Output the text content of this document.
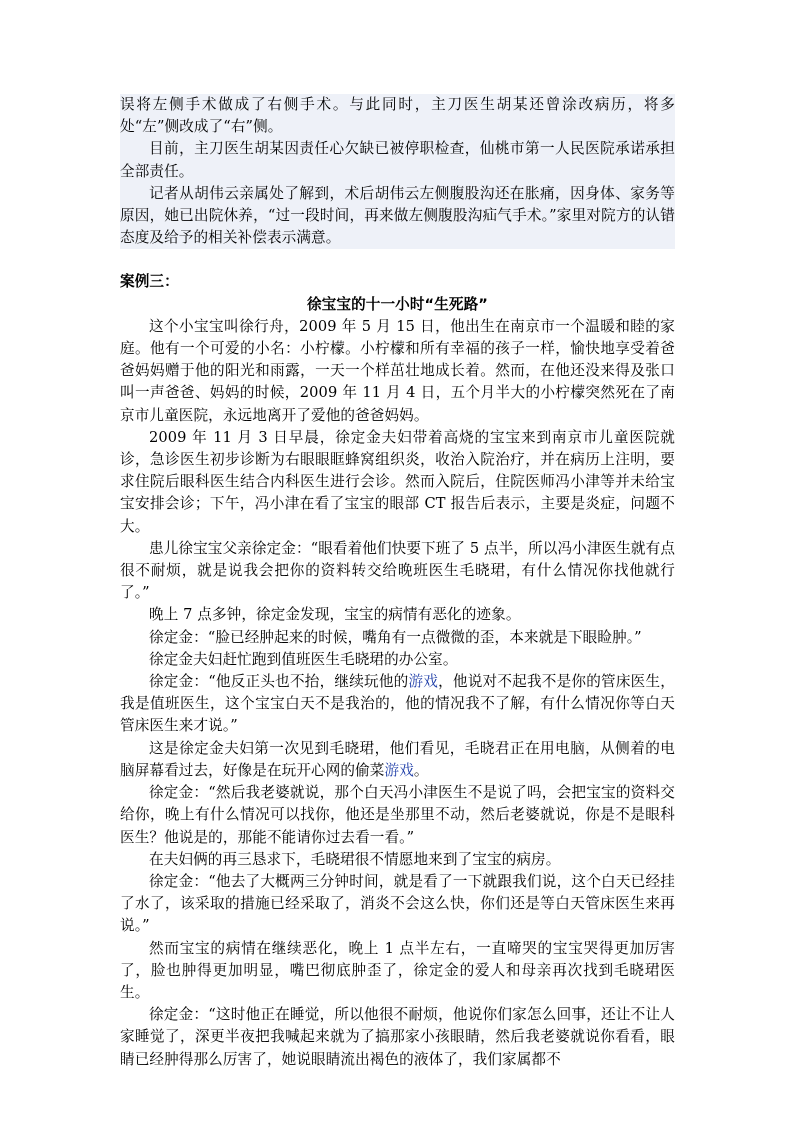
误将左侧手术做成了右侧手术。与此同时，主刀医生胡某还曾涂改病历，将多处“左”侧改成了“右”侧。

目前，主刀医生胡某因责任心欠缺已被停职检查，仙桃市第一人民医院承诺承担全部责任。

记者从胡伟云亲属处了解到，术后胡伟云左侧腹股沟还在胀痛，因身体、家务等原因，她已出院休养，“过一段时间，再来做左侧腹股沟疝气手术。”家里对院方的认错态度及给予的相关补偿表示满意。

案例三：

徐宝宝的十一小时“生死路”

这个小宝宝叫徐行舟，2009 年 5 月 15 日，他出生在南京市一个温暖和睦的家庭。他有一个可爱的小名：小柠檬。小柠檬和所有幸福的孩子一样，愉快地享受着爸爸妈妈赠于他的阳光和雨露，一天一个样茁壮地成长着。然而，在他还没来得及张口叫一声爸爸、妈妈的时候，2009 年 11 月 4 日，五个月半大的小柠檬突然死在了南京市儿童医院，永远地离开了爱他的爸爸妈妈。

2009 年 11 月 3 日早晨，徐定金夫妇带着高烧的宝宝来到南京市儿童医院就诊，急诊医生初步诊断为右眼眼眶蜂窝组织炎，收治入院治疗，并在病历上注明，要求住院后眼科医生结合内科医生进行会诊。然而入院后，住院医师冯小津等并未给宝宝安排会诊；下午，冯小津在看了宝宝的眼部 CT 报告后表示，主要是炎症，问题不大。

患儿徐宝宝父亲徐定金：“眼看着他们快要下班了 5 点半，所以冯小津医生就有点很不耐烦，就是说我会把你的资料转交给晚班医生毛晓珺，有什么情况你找他就行了。”

晚上 7 点多钟，徐定金发现，宝宝的病情有恶化的迹象。

徐定金：“脸已经肿起来的时候，嘴角有一点微微的歪，本来就是下眼睑肿。”

徐定金夫妇赶忙跑到值班医生毛晓珺的办公室。

徐定金：“他反正头也不抬，继续玩他的游戏，他说对不起我不是你的管床医生，我是值班医生，这个宝宝白天不是我治的，他的情况我不了解，有什么情况你等白天管床医生来才说。”

这是徐定金夫妇第一次见到毛晓珺，他们看见，毛晓君正在用电脑，从侧着的电脑屏幕看过去，好像是在玩开心网的偷菜游戏。

徐定金：“然后我老婆就说，那个白天冯小津医生不是说了吗，会把宝宝的资料交给你，晚上有什么情况可以找你，他还是坐那里不动，然后老婆就说，你是不是眼科医生？他说是的，那能不能请你过去看一看。”

在夫妇俩的再三恳求下，毛晓珺很不情愿地来到了宝宝的病房。

徐定金：“他去了大概两三分钟时间，就是看了一下就跟我们说，这个白天已经挂了水了，该采取的措施已经采取了，消炎不会这么快，你们还是等白天管床医生来再说。”

然而宝宝的病情在继续恶化，晚上 1 点半左右，一直啼哭的宝宝哭得更加厉害了，脸也肿得更加明显，嘴巴彻底肿歪了，徐定金的爱人和母亲再次找到毛晓珺医生。

徐定金：“这时他正在睡觉，所以他很不耐烦，他说你们家怎么回事，还让不让人家睡觉了，深更半夜把我喊起来就为了搞那家小孩眼睛，然后我老婆就说你看看，眼睛已经肿得那么厉害了，她说眼睛流出褐色的液体了，我们家属都不
